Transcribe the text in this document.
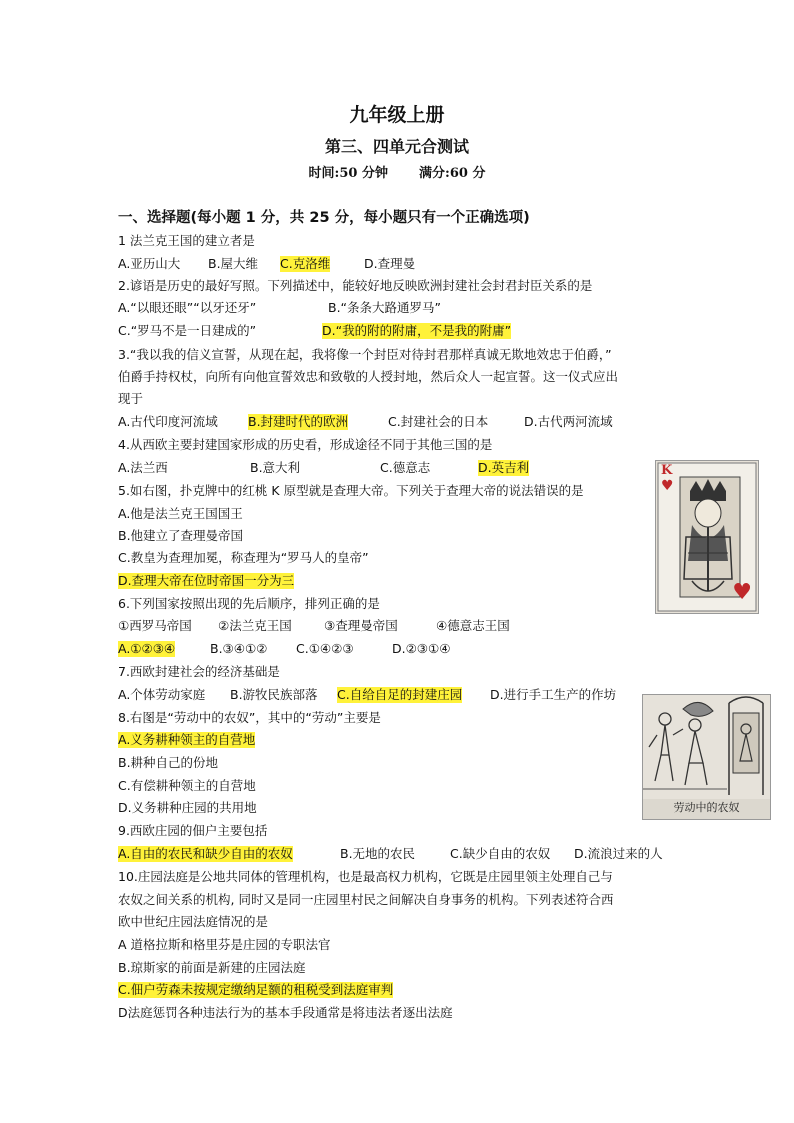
九年级上册
第三、四单元合测试
时间:50 分钟 满分:60 分
一、选择题(每小题 1 分，共 25 分，每小题只有一个正确选项)
1 法兰克王国的建立者是
A.亚历山大 B.屋大维 C.克洛维	D.查理曼
2.谚语是历史的最好写照。下列描述中，能较好地反映欧洲封建社会封君封臣关系的是
A.“以眼还眼”“以牙还牙”	B.“条条大路通罗马”
C.“罗马不是一日建成的”	D.“我的附的附庸，不是我的附庸”
3.“我以我的信义宣誓，从现在起，我将像一个封臣对待封君那样真诚无欺地效忠于伯爵，”
伯爵手持权杖，向所有向他宣誓效忠和致敬的人授封地，然后众人一起宣誓。这一仪式应出
现于
A.古代印度河流域 B.封建时代的欧洲	C.封建社会的日本	D.古代两河流域
4.从西欧主要封建国家形成的历史看，形成途径不同于其他三国的是
A.法兰西	B.意大利	C.德意志	D.英吉利
5.如右图，扑克牌中的红桃 K 原型就是查理大帝。下列关于查理大帝的说法错误的是
A.他是法兰克王国国王
B.他建立了查理曼帝国
C.教皇为查理加冕，称查理为“罗马人的皇帝”
D.查理大帝在位时帝国一分为三
K
♥
♥
6.下列国家按照出现的先后顺序，排列正确的是
①西罗马帝国 ②法兰克王国	③查理曼帝国	④德意志王国
A.①②③④	B.③④①② C.①④②③	D.②③①④
7.西欧封建社会的经济基础是
A.个体劳动家庭 B.游牧民族部落 C.自给自足的封建庄园 D.进行手工生产的作坊
8.右图是“劳动中的农奴”，其中的“劳动”主要是
A.义务耕种领主的自营地
B.耕种自己的份地
C.有偿耕种领主的自营地
D.义务耕种庄园的共用地	劳动中的农奴
9.西欧庄园的佃户主要包括
A.自由的农民和缺少自由的农奴	B.无地的农民	C.缺少自由的农奴 D.流浪过来的人
10.庄园法庭是公地共同体的管理机构，也是最高权力机构，它既是庄园里领主处理自己与
农奴之间关系的机构, 同时又是同一庄园里村民之间解决自身事务的机构。下列表述符合西
欧中世纪庄园法庭情况的是
A 道格拉斯和格里芬是庄园的专职法官
B.琼斯家的前面是新建的庄园法庭
C.佃户劳森未按规定缴纳足额的租税受到法庭审判
D法庭惩罚各种违法行为的基本手段通常是将违法者逐出法庭
